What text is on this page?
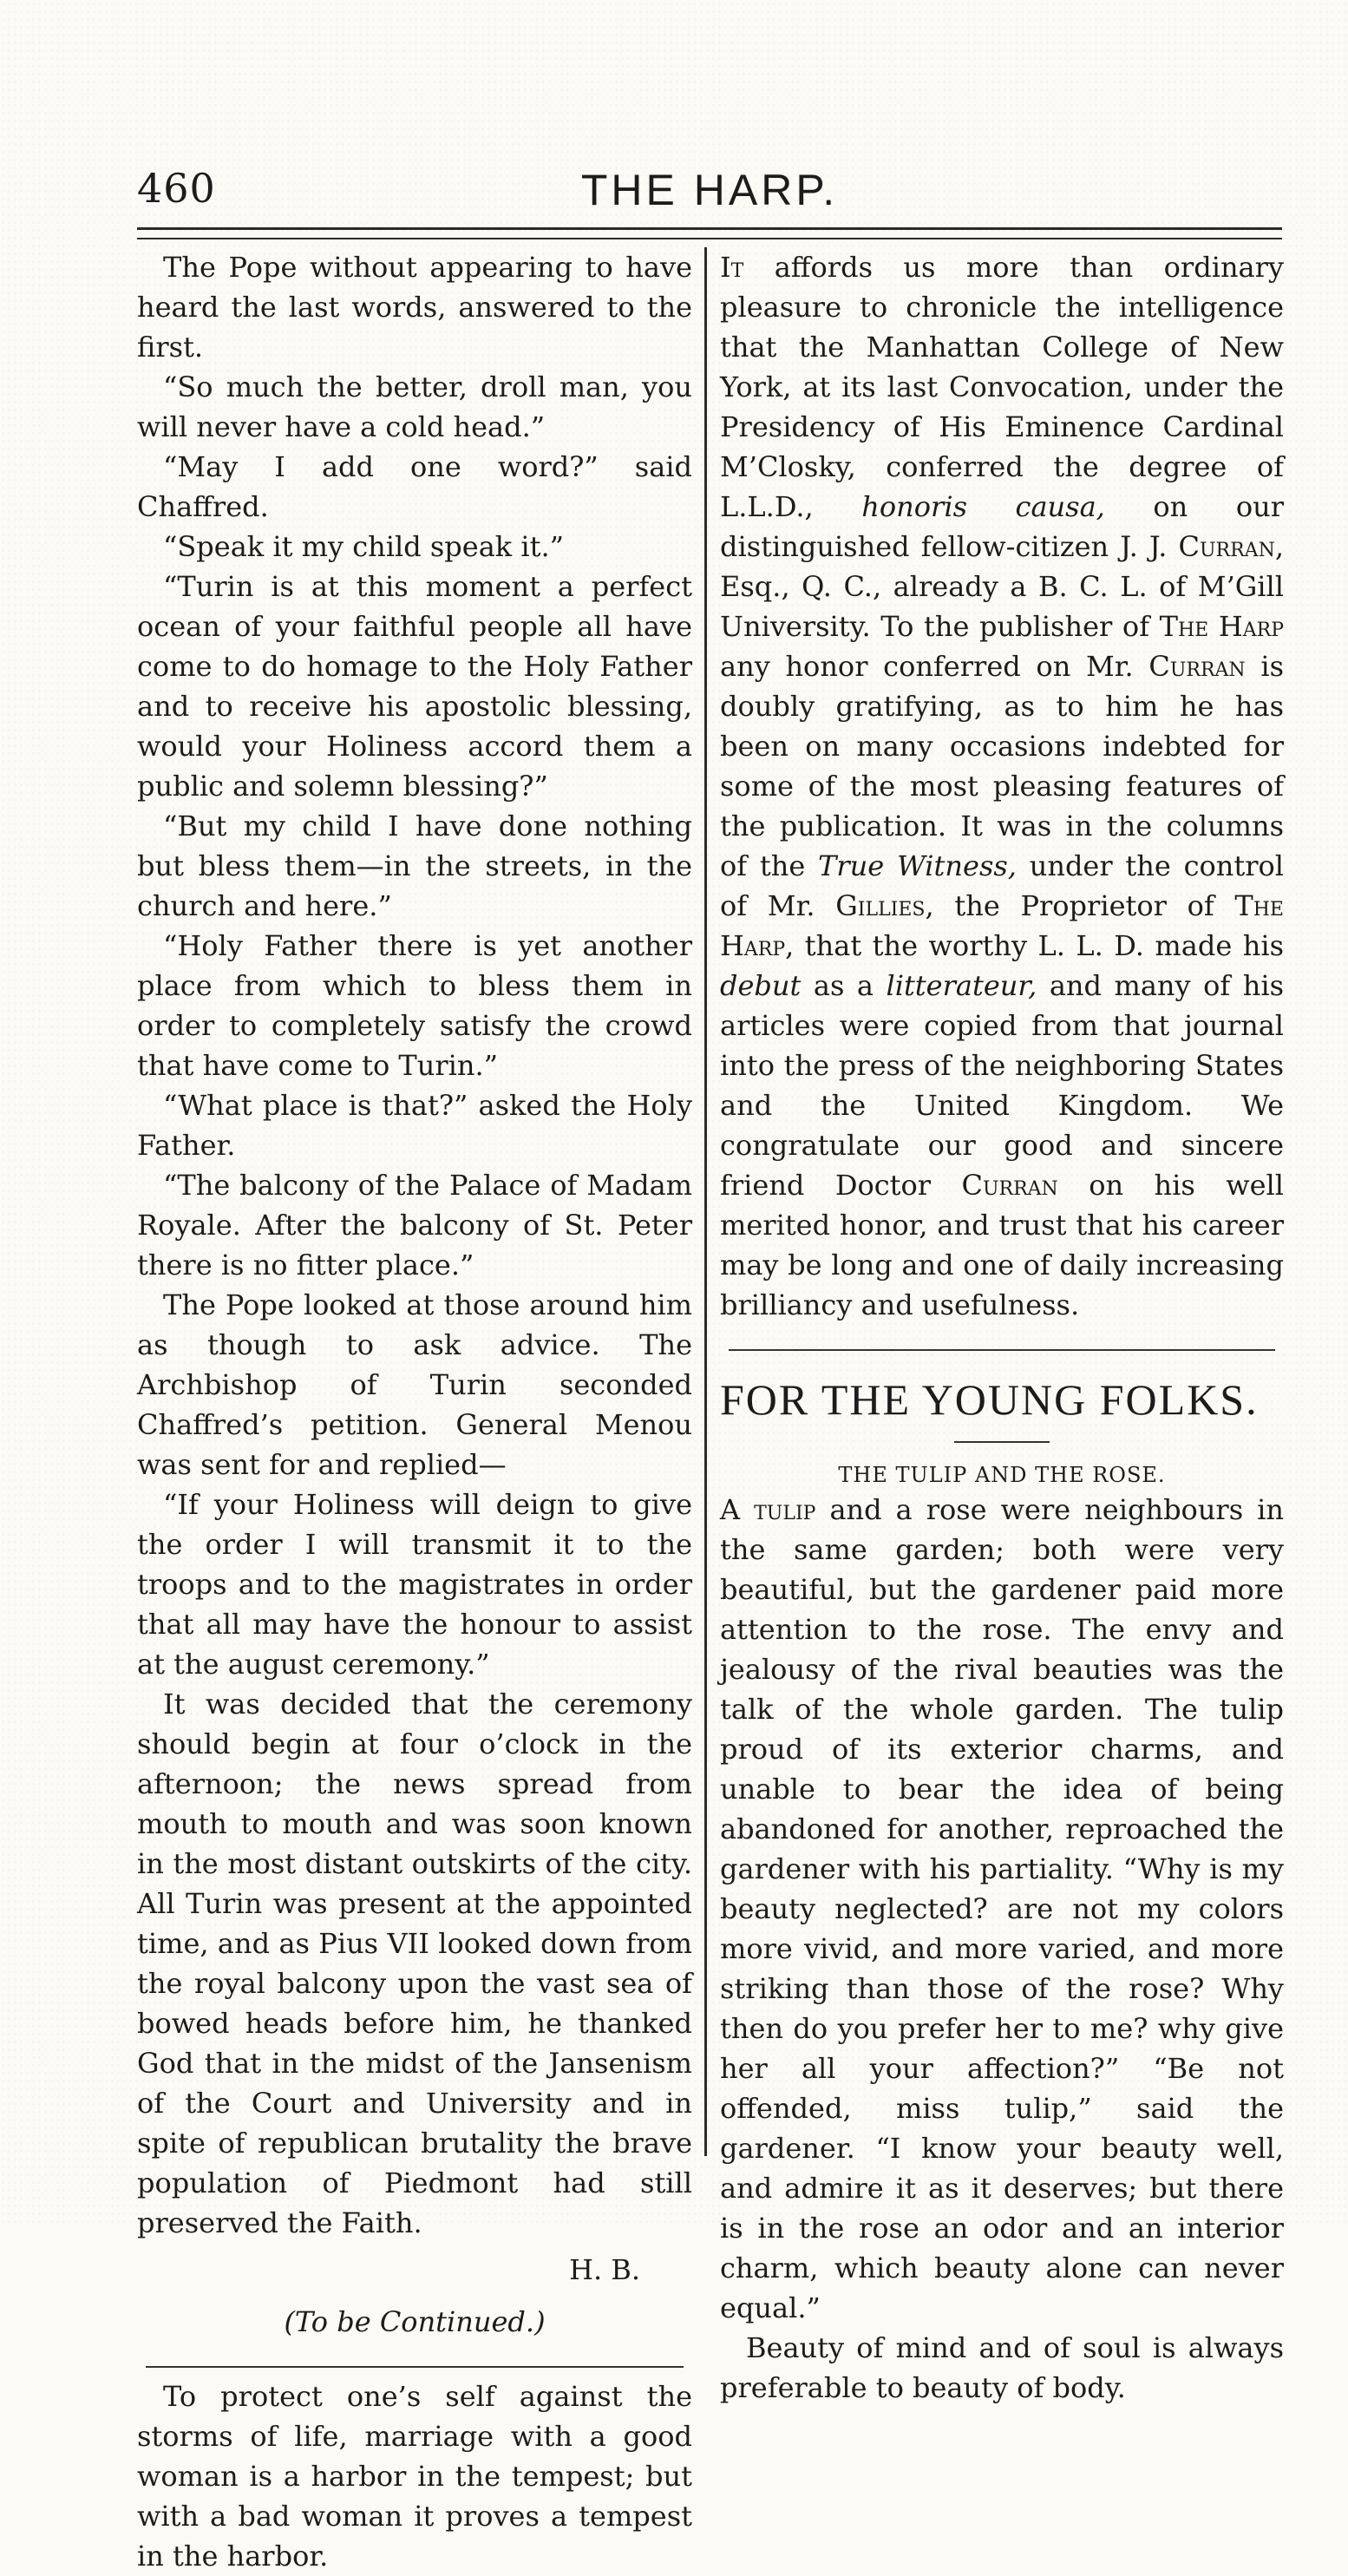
460	THE HARP.

The Pope without appearing to have heard the last words, answered to the first.

“So much the better, droll man, you will never have a cold head.”

“May I add one word?” said Chaffred.

“Speak it my child speak it.”

“Turin is at this moment a perfect ocean of your faithful people all have come to do homage to the Holy Father and to receive his apostolic blessing, would your Holiness accord them a public and solemn blessing?”

“But my child I have done nothing but bless them—in the streets, in the church and here.”

“Holy Father there is yet another place from which to bless them in order to completely satisfy the crowd that have come to Turin.”

“What place is that?” asked the Holy Father.

“The balcony of the Palace of Madam Royale. After the balcony of St. Peter there is no fitter place.”

The Pope looked at those around him as though to ask advice. The Archbishop of Turin seconded Chaffred’s petition. General Menou was sent for and replied—

“If your Holiness will deign to give the order I will transmit it to the troops and to the magistrates in order that all may have the honour to assist at the august ceremony.”

It was decided that the ceremony should begin at four o’clock in the afternoon; the news spread from mouth to mouth and was soon known in the most distant outskirts of the city. All Turin was present at the appointed time, and as Pius VII looked down from the royal balcony upon the vast sea of bowed heads before him, he thanked God that in the midst of the Jansenism of the Court and University and in spite of republican brutality the brave population of Piedmont had still preserved the Faith.

H. B.
(To be Continued.)

To protect one’s self against the storms of life, marriage with a good woman is a harbor in the tempest; but with a bad woman it proves a tempest in the harbor.

It affords us more than ordinary pleasure to chronicle the intelligence that the Manhattan College of New York, at its last Convocation, under the Presidency of His Eminence Cardinal M’Closky, conferred the degree of L.L.D., honoris causa, on our distinguished fellow-citizen J. J. Curran, Esq., Q. C., already a B. C. L. of M’Gill University. To the publisher of The Harp any honor conferred on Mr. Curran is doubly gratifying, as to him he has been on many occasions indebted for some of the most pleasing features of the publication. It was in the columns of the True Witness, under the control of Mr. Gillies, the Proprietor of The Harp, that the worthy L. L. D. made his debut as a litterateur, and many of his articles were copied from that journal into the press of the neighboring States and the United Kingdom. We congratulate our good and sincere friend Doctor Curran on his well merited honor, and trust that his career may be long and one of daily increasing brilliancy and usefulness.

FOR THE YOUNG FOLKS.
THE TULIP AND THE ROSE.

A tulip and a rose were neighbours in the same garden; both were very beautiful, but the gardener paid more attention to the rose. The envy and jealousy of the rival beauties was the talk of the whole garden. The tulip proud of its exterior charms, and unable to bear the idea of being abandoned for another, reproached the gardener with his partiality. “Why is my beauty neglected? are not my colors more vivid, and more varied, and more striking than those of the rose? Why then do you prefer her to me? why give her all your affection?” “Be not offended, miss tulip,” said the gardener. “I know your beauty well, and admire it as it deserves; but there is in the rose an odor and an interior charm, which beauty alone can never equal.”

Beauty of mind and of soul is always preferable to beauty of body.
